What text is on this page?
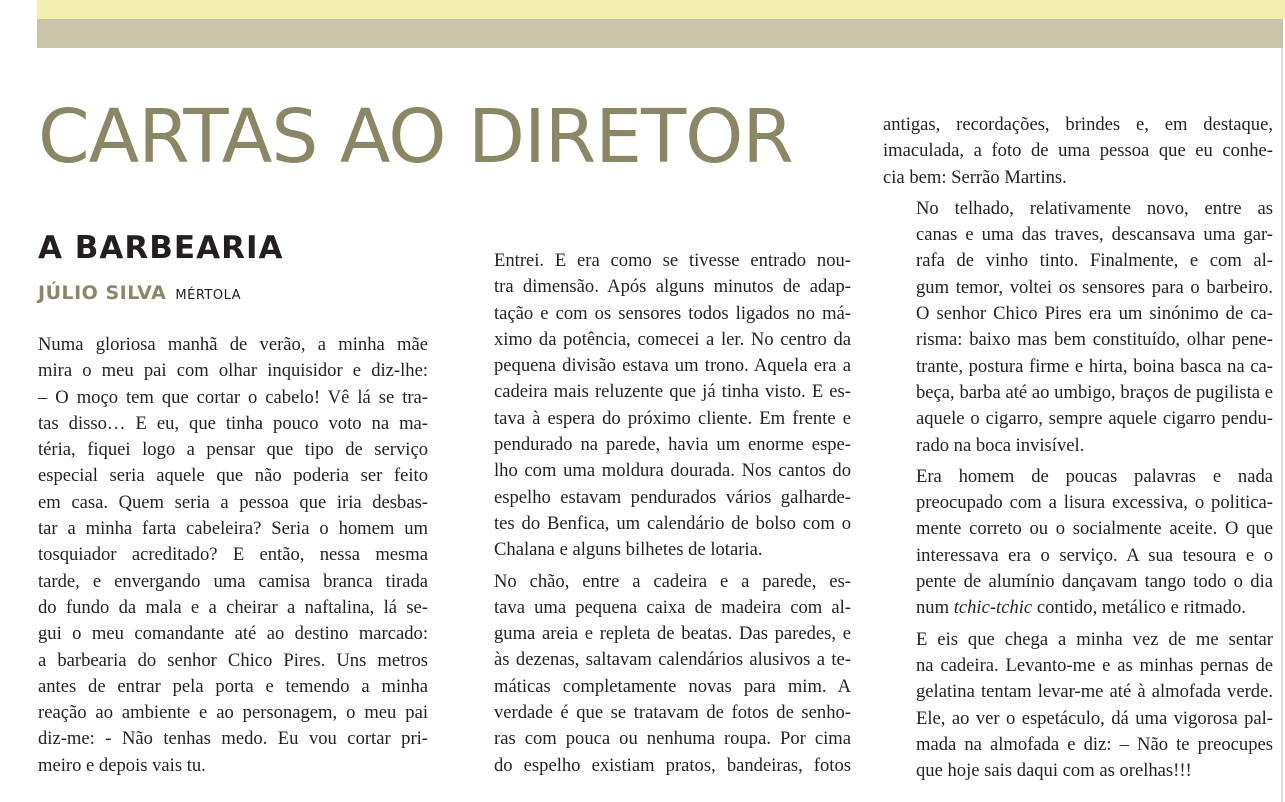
CARTAS AO DIRETOR
A BARBEARIA
JÚLIO SILVA MÉRTOLA

Numa gloriosa manhã de verão, a minha mãe
mira o meu pai com olhar inquisidor e diz-lhe:
– O moço tem que cortar o cabelo! Vê lá se tra-
tas disso… E eu, que tinha pouco voto na ma-
téria, fiquei logo a pensar que tipo de serviço
especial seria aquele que não poderia ser feito
em casa. Quem seria a pessoa que iria desbas-
tar a minha farta cabeleira? Seria o homem um
tosquiador acreditado? E então, nessa mesma
tarde, e envergando uma camisa branca tirada
do fundo da mala e a cheirar a naftalina, lá se-
gui o meu comandante até ao destino marcado:
a barbearia do senhor Chico Pires. Uns metros
antes de entrar pela porta e temendo a minha
reação ao ambiente e ao personagem, o meu pai
diz-me: - Não tenhas medo. Eu vou cortar pri-
meiro e depois vais tu.

Entrei. E era como se tivesse entrado nou-
tra dimensão. Após alguns minutos de adap-
tação e com os sensores todos ligados no má-
ximo da potência, comecei a ler. No centro da
pequena divisão estava um trono. Aquela era a
cadeira mais reluzente que já tinha visto. E es-
tava à espera do próximo cliente. Em frente e
pendurado na parede, havia um enorme espe-
lho com uma moldura dourada. Nos cantos do
espelho estavam pendurados vários galharde-
tes do Benfica, um calendário de bolso com o
Chalana e alguns bilhetes de lotaria.

No chão, entre a cadeira e a parede, es-
tava uma pequena caixa de madeira com al-
guma areia e repleta de beatas. Das paredes, e
às dezenas, saltavam calendários alusivos a te-
máticas completamente novas para mim. A
verdade é que se tratavam de fotos de senho-
ras com pouca ou nenhuma roupa. Por cima
do espelho existiam pratos, bandeiras, fotos

antigas, recordações, brindes e, em destaque,
imaculada, a foto de uma pessoa que eu conhe-
cia bem: Serrão Martins.

No telhado, relativamente novo, entre as
canas e uma das traves, descansava uma gar-
rafa de vinho tinto. Finalmente, e com al-
gum temor, voltei os sensores para o barbeiro.
O senhor Chico Pires era um sinónimo de ca-
risma: baixo mas bem constituído, olhar pene-
trante, postura firme e hirta, boina basca na ca-
beça, barba até ao umbigo, braços de pugilista e
aquele o cigarro, sempre aquele cigarro pendu-
rado na boca invisível.

Era homem de poucas palavras e nada
preocupado com a lisura excessiva, o politica-
mente correto ou o socialmente aceite. O que
interessava era o serviço. A sua tesoura e o
pente de alumínio dançavam tango todo o dia
num tchic-tchic contido, metálico e ritmado.

E eis que chega a minha vez de me sentar
na cadeira. Levanto-me e as minhas pernas de
gelatina tentam levar-me até à almofada verde.
Ele, ao ver o espetáculo, dá uma vigorosa pal-
mada na almofada e diz: – Não te preocupes
que hoje sais daqui com as orelhas!!!
